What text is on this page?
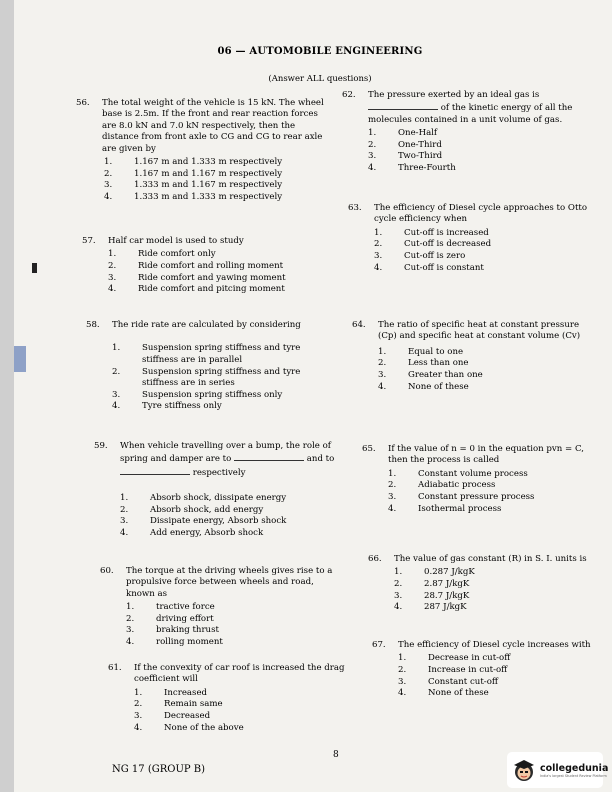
06 — AUTOMOBILE ENGINEERING
(Answer ALL questions)
56. The total weight of the vehicle is 15 kN. The wheel base is 2.5m. If the front and rear reaction forces are 8.0 kN and 7.0 kN respectively, then the distance from front axle to CG and CG to rear axle are given by
1.	1.167 m and 1.333 m respectively
2.	1.167 m and 1.167 m respectively
3.	1.333 m and 1.167 m respectively
4.	1.333 m and 1.333 m respectively
57. Half car model is used to study
1.	Ride comfort only
2.	Ride comfort and rolling moment
3.	Ride comfort and yawing moment
4.	Ride comfort and pitcing moment
58. The ride rate are calculated by considering
1.	Suspension spring stiffness and tyre stiffness are in parallel
2.	Suspension spring stiffness and tyre stiffness are in series
3.	Suspension spring stiffness only
4.	Tyre stiffness only
59. When vehicle travelling over a bump, the role of spring and damper are to	and to  respectively
1.	Absorb shock, dissipate energy
2.	Absorb shock, add energy
3.	Dissipate energy, Absorb shock
4.	Add energy, Absorb shock
60. The torque at the driving wheels gives rise to a propulsive force between wheels and road, known as
1.	tractive force
2.	driving effort
3.	braking thrust
4.	rolling moment
61. If the convexity of car roof is increased the drag coefficient will
1.	Increased
2.	Remain same
3.	Decreased
4.	None of the above
62. The pressure exerted by an ideal gas is  of the kinetic energy of all the molecules contained in a unit volume of gas.
1.	One-Half
2.	One-Third
3.	Two-Third
4.	Three-Fourth
63. The efficiency of Diesel cycle approaches to Otto cycle efficiency when
1.	Cut-off is increased
2.	Cut-off is decreased
3.	Cut-off is zero
4.	Cut-off is constant
64. The ratio of specific heat at constant pressure (Cp) and specific heat at constant volume (Cv)
1.	Equal to one
2.	Less than one
3.	Greater than one
4.	None of these
65. If the value of n = 0 in the equation pvn = C, then the process is called
1.	Constant volume process
2.	Adiabatic process
3.	Constant pressure process
4.	Isothermal process
66. The value of gas constant (R) in S. I. units is
1.	0.287 J/kgK
2.	2.87 J/kgK
3.	28.7 J/kgK
4.	287 J/kgK
67. The efficiency of Diesel cycle increases with
1.	Decrease in cut-off
2.	Increase in cut-off
3.	Constant cut-off
4.	None of these
8
NG 17 (GROUP B)	collegedunia
India's largest Student Review Platform
